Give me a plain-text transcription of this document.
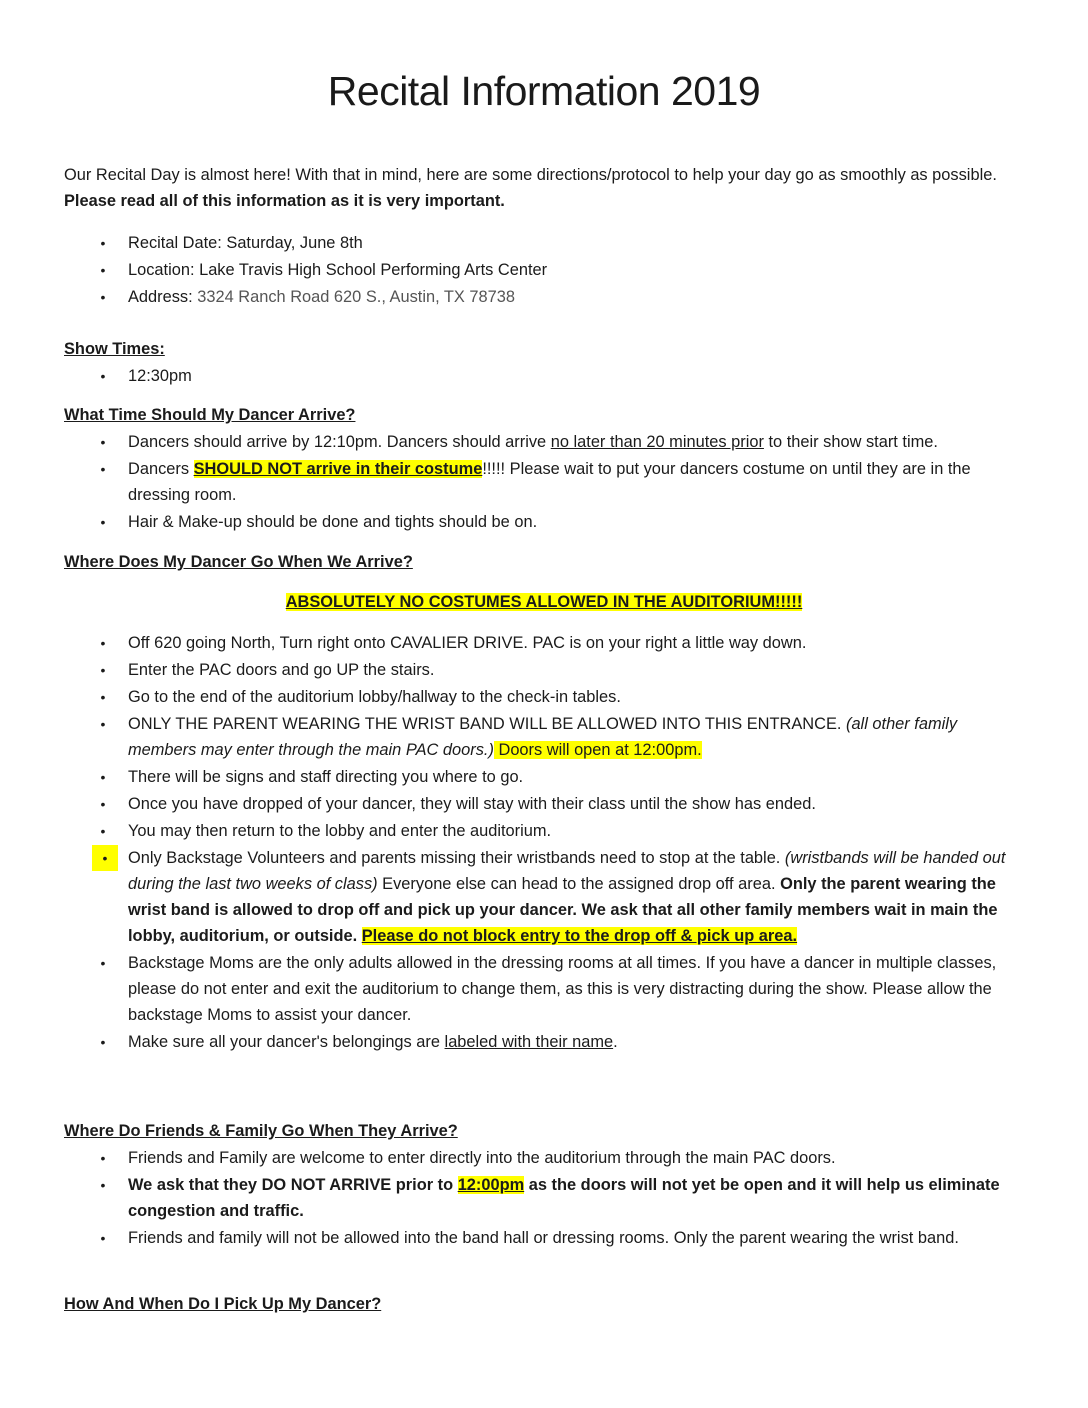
Recital Information 2019
Our Recital Day is almost here! With that in mind, here are some directions/protocol to help your day go as smoothly as possible. Please read all of this information as it is very important.
• Recital Date: Saturday, June 8th
• Location: Lake Travis High School Performing Arts Center
• Address: 3324 Ranch Road 620 S., Austin, TX 78738
Show Times:
• 12:30pm
What Time Should My Dancer Arrive?
• Dancers should arrive by 12:10pm. Dancers should arrive no later than 20 minutes prior to their show start time.
• Dancers SHOULD NOT arrive in their costume!!!!! Please wait to put your dancers costume on until they are in the dressing room.
• Hair & Make-up should be done and tights should be on.
Where Does My Dancer Go When We Arrive?
ABSOLUTELY NO COSTUMES ALLOWED IN THE AUDITORIUM!!!!!
• Off 620 going North, Turn right onto CAVALIER DRIVE. PAC is on your right a little way down.
• Enter the PAC doors and go UP the stairs.
• Go to the end of the auditorium lobby/hallway to the check-in tables.
• ONLY THE PARENT WEARING THE WRIST BAND WILL BE ALLOWED INTO THIS ENTRANCE. (all other family members may enter through the main PAC doors.) Doors will open at 12:00pm.
• There will be signs and staff directing you where to go.
• Once you have dropped of your dancer, they will stay with their class until the show has ended.
• You may then return to the lobby and enter the auditorium.
•	Only Backstage Volunteers and parents missing their wristbands need to stop at the table. (wristbands will be handed out during the last two weeks of class) Everyone else can head to the assigned drop off area. Only the parent wearing the wrist band is allowed to drop off and pick up your dancer. We ask that all other family members wait in main the lobby, auditorium, or outside. Please do not block entry to the drop off & pick up area.
• Backstage Moms are the only adults allowed in the dressing rooms at all times. If you have a dancer in multiple classes, please do not enter and exit the auditorium to change them, as this is very distracting during the show. Please allow the backstage Moms to assist your dancer.
• Make sure all your dancer's belongings are labeled with their name.
Where Do Friends & Family Go When They Arrive?
• Friends and Family are welcome to enter directly into the auditorium through the main PAC doors.
• We ask that they DO NOT ARRIVE prior to 12:00pm as the doors will not yet be open and it will help us eliminate congestion and traffic.
• Friends and family will not be allowed into the band hall or dressing rooms. Only the parent wearing the wrist band.
How And When Do I Pick Up My Dancer?
